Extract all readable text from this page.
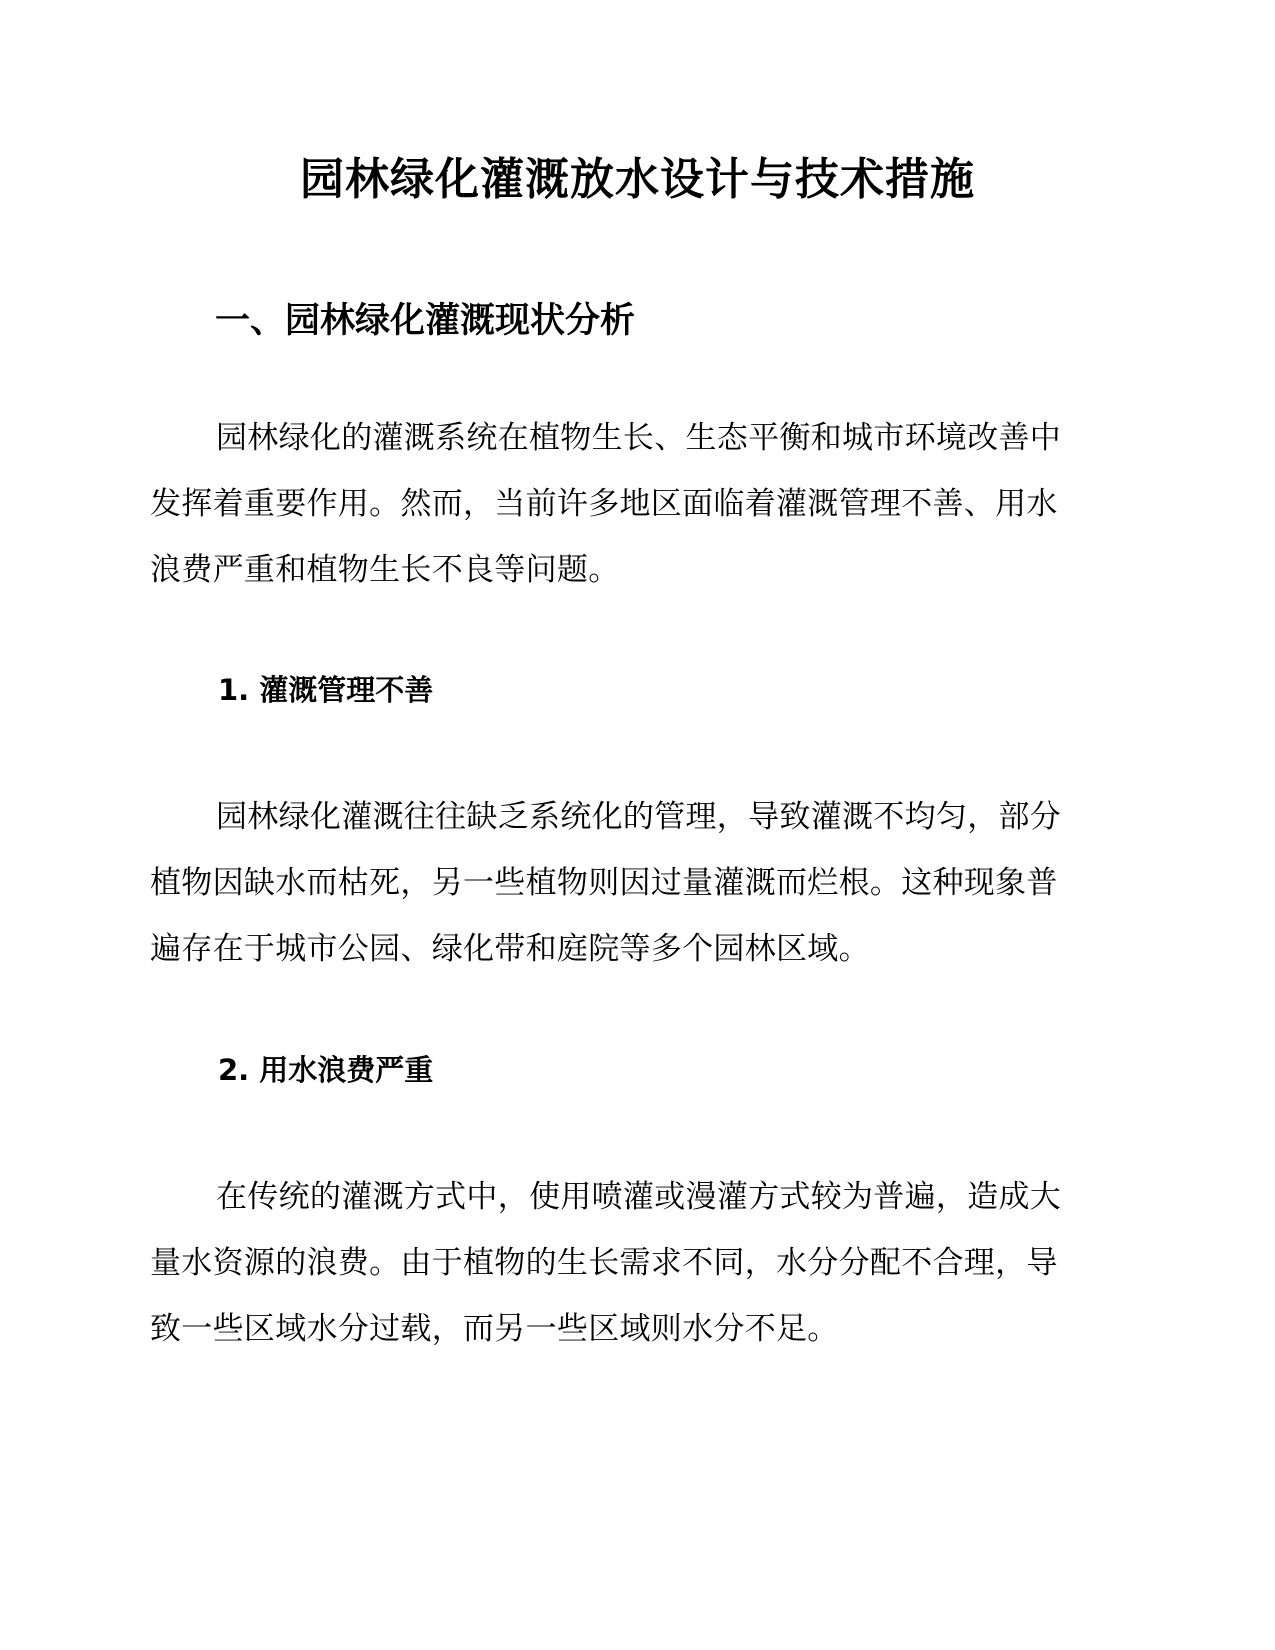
园林绿化灌溉放水设计与技术措施
一、园林绿化灌溉现状分析
园林绿化的灌溉系统在植物生长、生态平衡和城市环境改善中
发挥着重要作用。然而，当前许多地区面临着灌溉管理不善、用水
浪费严重和植物生长不良等问题。
1. 灌溉管理不善
园林绿化灌溉往往缺乏系统化的管理，导致灌溉不均匀，部分
植物因缺水而枯死，另一些植物则因过量灌溉而烂根。这种现象普
遍存在于城市公园、绿化带和庭院等多个园林区域。
2. 用水浪费严重
在传统的灌溉方式中，使用喷灌或漫灌方式较为普遍，造成大
量水资源的浪费。由于植物的生长需求不同，水分分配不合理，导
致一些区域水分过载，而另一些区域则水分不足。
